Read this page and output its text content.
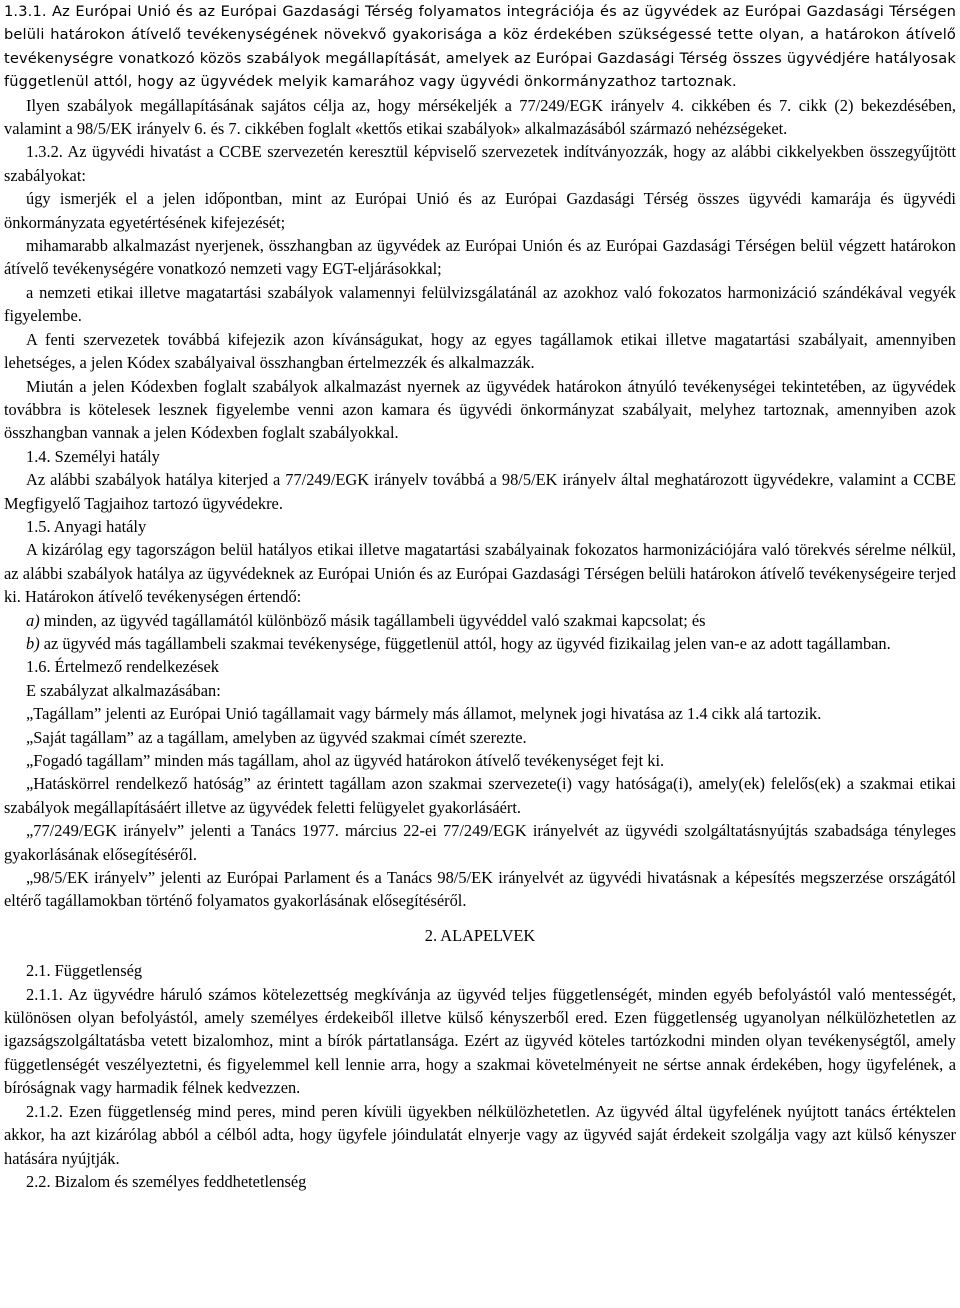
1.3.1. Az Európai Unió és az Európai Gazdasági Térség folyamatos integrációja és az ügyvédek az Európai Gazdasági Térségen belüli határokon átívelő tevékenységének növekvő gyakorisága a köz érdekében szükségessé tette olyan, a határokon átívelő tevékenységre vonatkozó közös szabályok megállapítását, amelyek az Európai Gazdasági Térség összes ügyvédjére hatályosak függetlenül attól, hogy az ügyvédek melyik kamarához vagy ügyvédi önkormányzathoz tartoznak.

Ilyen szabályok megállapításának sajátos célja az, hogy mérsékeljék a 77/249/EGK irányelv 4. cikkében és 7. cikk (2) bekezdésében, valamint a 98/5/EK irányelv 6. és 7. cikkében foglalt «kettős etikai szabályok» alkalmazásából származó nehézségeket.

1.3.2. Az ügyvédi hivatást a CCBE szervezetén keresztül képviselő szervezetek indítványozzák, hogy az alábbi cikkelyekben összegyűjtött szabályokat:

úgy ismerjék el a jelen időpontban, mint az Európai Unió és az Európai Gazdasági Térség összes ügyvédi kamarája és ügyvédi önkormányzata egyetértésének kifejezését;

mihamarabb alkalmazást nyerjenek, összhangban az ügyvédek az Európai Unión és az Európai Gazdasági Térségen belül végzett határokon átívelő tevékenységére vonatkozó nemzeti vagy EGT-eljárásokkal;

a nemzeti etikai illetve magatartási szabályok valamennyi felülvizsgálatánál az azokhoz való fokozatos harmonizáció szándékával vegyék figyelembe.

A fenti szervezetek továbbá kifejezik azon kívánságukat, hogy az egyes tagállamok etikai illetve magatartási szabályait, amennyiben lehetséges, a jelen Kódex szabályaival összhangban értelmezzék és alkalmazzák.

Miután a jelen Kódexben foglalt szabályok alkalmazást nyernek az ügyvédek határokon átnyúló tevékenységei tekintetében, az ügyvédek továbbra is kötelesek lesznek figyelembe venni azon kamara és ügyvédi önkormányzat szabályait, melyhez tartoznak, amennyiben azok összhangban vannak a jelen Kódexben foglalt szabályokkal.

1.4. Személyi hatály

Az alábbi szabályok hatálya kiterjed a 77/249/EGK irányelv továbbá a 98/5/EK irányelv által meghatározott ügyvédekre, valamint a CCBE Megfigyelő Tagjaihoz tartozó ügyvédekre.

1.5. Anyagi hatály

A kizárólag egy tagországon belül hatályos etikai illetve magatartási szabályainak fokozatos harmonizációjára való törekvés sérelme nélkül, az alábbi szabályok hatálya az ügyvédeknek az Európai Unión és az Európai Gazdasági Térségen belüli határokon átívelő tevékenységeire terjed ki. Határokon átívelő tevékenységen értendő:

a) minden, az ügyvéd tagállamától különböző másik tagállambeli ügyvéddel való szakmai kapcsolat; és

b) az ügyvéd más tagállambeli szakmai tevékenysége, függetlenül attól, hogy az ügyvéd fizikailag jelen van-e az adott tagállamban.

1.6. Értelmező rendelkezések

E szabályzat alkalmazásában:

„Tagállam” jelenti az Európai Unió tagállamait vagy bármely más államot, melynek jogi hivatása az 1.4 cikk alá tartozik.

„Saját tagállam” az a tagállam, amelyben az ügyvéd szakmai címét szerezte.

„Fogadó tagállam” minden más tagállam, ahol az ügyvéd határokon átívelő tevékenységet fejt ki.

„Hatáskörrel rendelkező hatóság” az érintett tagállam azon szakmai szervezete(i) vagy hatósága(i), amely(ek) felelős(ek) a szakmai etikai szabályok megállapításáért illetve az ügyvédek feletti felügyelet gyakorlásáért.

„77/249/EGK irányelv” jelenti a Tanács 1977. március 22-ei 77/249/EGK irányelvét az ügyvédi szolgáltatásnyújtás szabadsága tényleges gyakorlásának elősegítéséről.

„98/5/EK irányelv” jelenti az Európai Parlament és a Tanács 98/5/EK irányelvét az ügyvédi hivatásnak a képesítés megszerzése országától eltérő tagállamokban történő folyamatos gyakorlásának elősegítéséről.

2. ALAPELVEK

2.1. Függetlenség

2.1.1. Az ügyvédre háruló számos kötelezettség megkívánja az ügyvéd teljes függetlenségét, minden egyéb befolyástól való mentességét, különösen olyan befolyástól, amely személyes érdekeiből illetve külső kényszerből ered. Ezen függetlenség ugyanolyan nélkülözhetetlen az igazságszolgáltatásba vetett bizalomhoz, mint a bírók pártatlansága. Ezért az ügyvéd köteles tartózkodni minden olyan tevékenységtől, amely függetlenségét veszélyeztetni, és figyelemmel kell lennie arra, hogy a szakmai követelményeit ne sértse annak érdekében, hogy ügyfelének, a bíróságnak vagy harmadik félnek kedvezzen.

2.1.2. Ezen függetlenség mind peres, mind peren kívüli ügyekben nélkülözhetetlen. Az ügyvéd által ügyfelének nyújtott tanács értéktelen akkor, ha azt kizárólag abból a célból adta, hogy ügyfele jóindulatát elnyerje vagy az ügyvéd saját érdekeit szolgálja vagy azt külső kényszer hatására nyújtják.

2.2. Bizalom és személyes feddhetetlenség
